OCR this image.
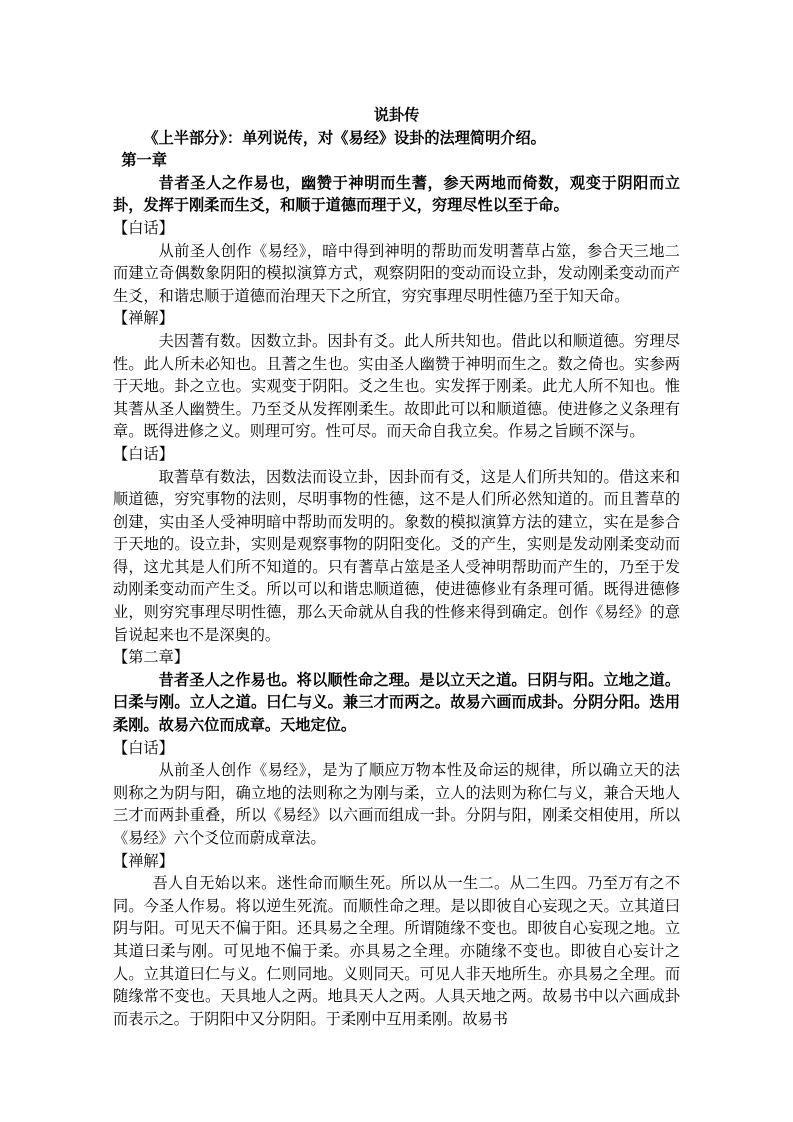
说卦传

《上半部分》：单列说传，对《易经》设卦的法理简明介绍。

第一章

昔者圣人之作易也，幽赞于神明而生蓍，参天两地而倚数，观变于阴阳而立卦，发挥于刚柔而生爻，和顺于道德而理于义，穷理尽性以至于命。

【白话】

从前圣人创作《易经》，暗中得到神明的帮助而发明蓍草占筮，参合天三地二而建立奇偶数象阴阳的模拟演算方式，观察阴阳的变动而设立卦，发动刚柔变动而产生爻，和谐忠顺于道德而治理天下之所宜，穷究事理尽明性德乃至于知天命。

【禅解】

夫因蓍有数。因数立卦。因卦有爻。此人所共知也。借此以和顺道德。穷理尽性。此人所未必知也。且蓍之生也。实由圣人幽赞于神明而生之。数之倚也。实参两于天地。卦之立也。实观变于阴阳。爻之生也。实发挥于刚柔。此尤人所不知也。惟其蓍从圣人幽赞生。乃至爻从发挥刚柔生。故即此可以和顺道德。使进修之义条理有章。既得进修之义。则理可穷。性可尽。而天命自我立矣。作易之旨顾不深与。

【白话】

取蓍草有数法，因数法而设立卦，因卦而有爻，这是人们所共知的。借这来和顺道德，穷究事物的法则，尽明事物的性德，这不是人们所必然知道的。而且蓍草的创建，实由圣人受神明暗中帮助而发明的。象数的模拟演算方法的建立，实在是参合于天地的。设立卦，实则是观察事物的阴阳变化。爻的产生，实则是发动刚柔变动而得，这尤其是人们所不知道的。只有蓍草占筮是圣人受神明帮助而产生的，乃至于发动刚柔变动而产生爻。所以可以和谐忠顺道德，使进德修业有条理可循。既得进德修业，则穷究事理尽明性德，那么天命就从自我的性修来得到确定。创作《易经》的意旨说起来也不是深奥的。

【第二章】

昔者圣人之作易也。将以顺性命之理。是以立天之道。曰阴与阳。立地之道。曰柔与刚。立人之道。曰仁与义。兼三才而两之。故易六画而成卦。分阴分阳。迭用柔刚。故易六位而成章。天地定位。

【白话】

从前圣人创作《易经》，是为了顺应万物本性及命运的规律，所以确立天的法则称之为阴与阳，确立地的法则称之为刚与柔，立人的法则为称仁与义，兼合天地人三才而两卦重叠，所以《易经》以六画而组成一卦。分阴与阳，刚柔交相使用，所以《易经》六个爻位而蔚成章法。

【禅解】

吾人自无始以来。迷性命而顺生死。所以从一生二。从二生四。乃至万有之不同。今圣人作易。将以逆生死流。而顺性命之理。是以即彼自心妄现之天。立其道曰阴与阳。可见天不偏于阳。还具易之全理。所谓随缘不变也。即彼自心妄现之地。立其道曰柔与刚。可见地不偏于柔。亦具易之全理。亦随缘不变也。即彼自心妄计之人。立其道曰仁与义。仁则同地。义则同天。可见人非天地所生。亦具易之全理。而随缘常不变也。天具地人之两。地具天人之两。人具天地之两。故易书中以六画成卦而表示之。于阴阳中又分阴阳。于柔刚中互用柔刚。故易书
